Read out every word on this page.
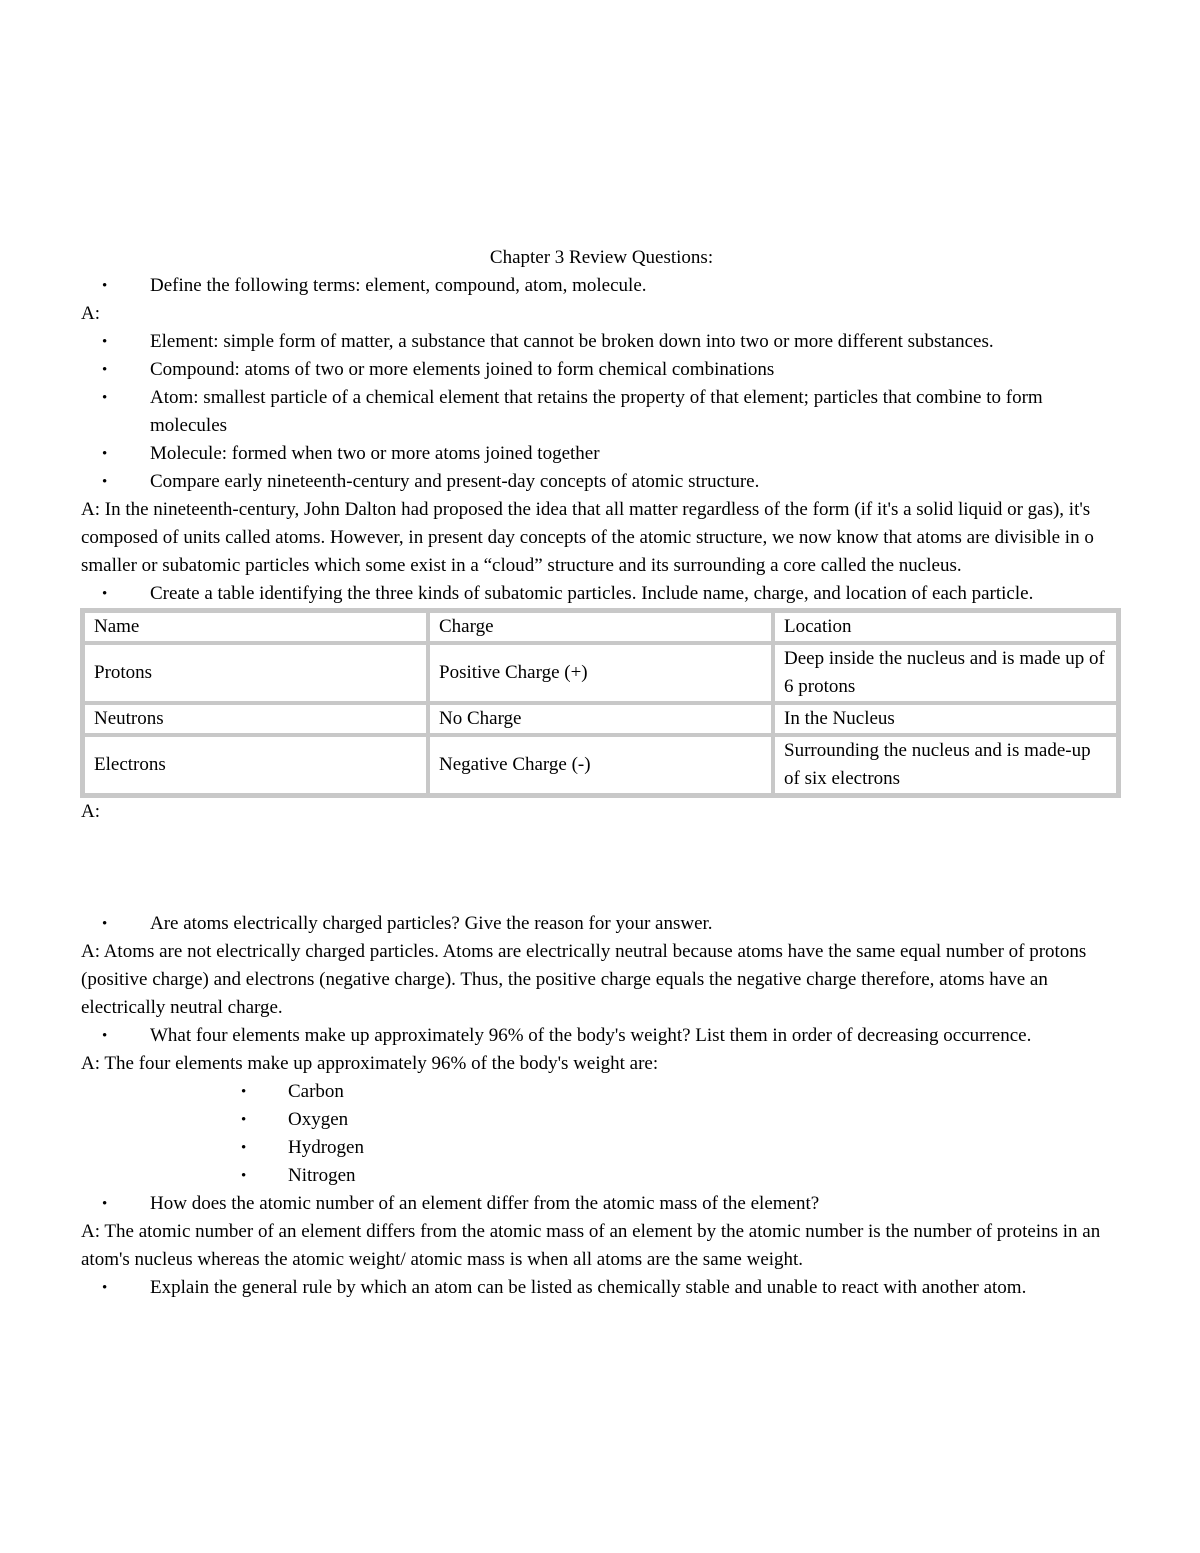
Chapter 3 Review Questions:
• Define the following terms: element, compound, atom, molecule.
A:
• Element: simple form of matter, a substance that cannot be broken down into two or more different substances.
• Compound: atoms of two or more elements joined to form chemical combinations
• Atom: smallest particle of a chemical element that retains the property of that element; particles that combine to form molecules
• Molecule: formed when two or more atoms joined together
• Compare early nineteenth-century and present-day concepts of atomic structure.
A: In the nineteenth-century, John Dalton had proposed the idea that all matter regardless of the form (if it's a solid liquid or gas), it's composed of units called atoms. However, in present day concepts of the atomic structure, we now know that atoms are divisible in o smaller or subatomic particles which some exist in a “cloud” structure and its surrounding a core called the nucleus.
• Create a table identifying the three kinds of subatomic particles. Include name, charge, and location of each particle.
Name	Charge	Location
Protons	Positive Charge (+)	Deep inside the nucleus and is made up of 6 protons
Neutrons	No Charge	In the Nucleus
Electrons	Negative Charge (-)	Surrounding the nucleus and is made-up of six electrons
A:
• Are atoms electrically charged particles? Give the reason for your answer.
A: Atoms are not electrically charged particles. Atoms are electrically neutral because atoms have the same equal number of protons (positive charge) and electrons (negative charge). Thus, the positive charge equals the negative charge therefore, atoms have an electrically neutral charge.
• What four elements make up approximately 96% of the body's weight? List them in order of decreasing occurrence.
A: The four elements make up approximately 96% of the body's weight are:
• Carbon
• Oxygen
• Hydrogen
• Nitrogen
• How does the atomic number of an element differ from the atomic mass of the element?
A: The atomic number of an element differs from the atomic mass of an element by the atomic number is the number of proteins in an atom's nucleus whereas the atomic weight/ atomic mass is when all atoms are the same weight.
• Explain the general rule by which an atom can be listed as chemically stable and unable to react with another atom.
